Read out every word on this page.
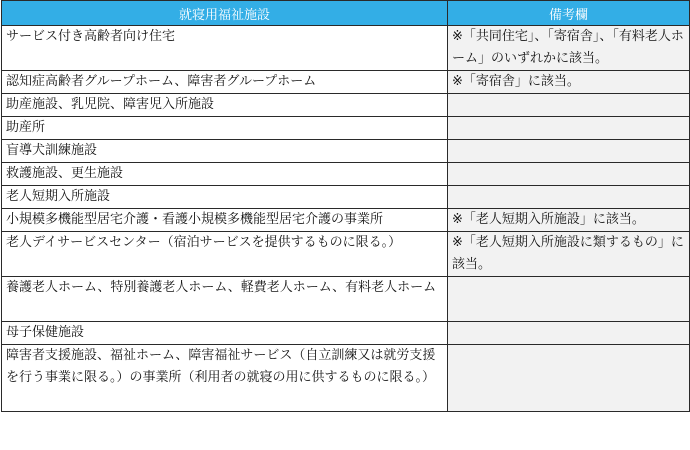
就寝用福祉施設	備考欄
サービス付き高齢者向け住宅	※「共同住宅」、「寄宿舎」、「有料老人ホーム」のいずれかに該当。
認知症高齢者グループホーム、障害者グループホーム	※「寄宿舎」に該当。
助産施設、乳児院、障害児入所施設	
助産所	
盲導犬訓練施設	
救護施設、更生施設	
老人短期入所施設	
小規模多機能型居宅介護・看護小規模多機能型居宅介護の事業所	※「老人短期入所施設」に該当。
老人デイサービスセンター（宿泊サービスを提供するものに限る。）	※「老人短期入所施設に類するもの」に該当。
養護老人ホーム、特別養護老人ホーム、軽費老人ホーム、有料老人ホーム	
母子保健施設	
障害者支援施設、福祉ホーム、障害福祉サービス（自立訓練又は就労支援を行う事業に限る。）の事業所（利用者の就寝の用に供するものに限る。）	
